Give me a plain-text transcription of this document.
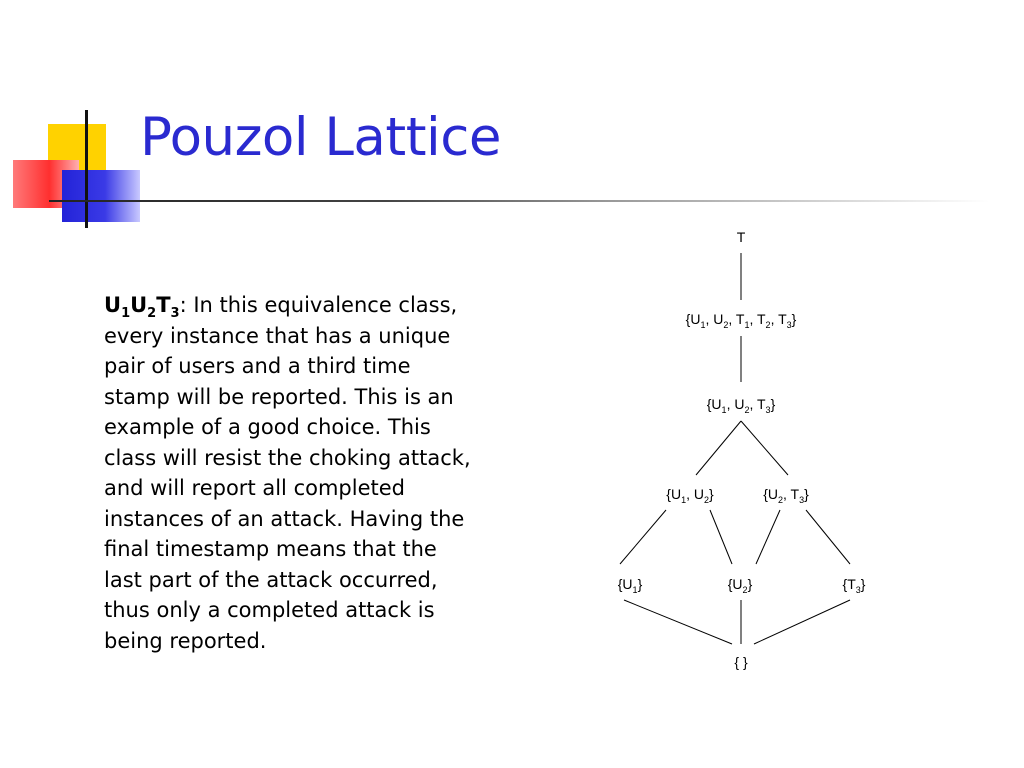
Pouzol Lattice

$U_1U_2T_3$: In this equivalence class, every instance that has a unique pair of users and a third time stamp will be reported. This is an example of a good choice. This class will resist the choking attack, and will report all completed instances of an attack. Having the final timestamp means that the last part of the attack occurred, thus only a completed attack is being reported.

T
{$U_1$, $U_2$, $T_1$, $T_2$, $T_3$}
{$U_1$, $U_2$, $T_3$}
{$U_1$, $U_2$}	{$U_2$, $T_3$}
$\{U_1\}$	$\{U_2\}$	$\{T_3\}$
{ }
